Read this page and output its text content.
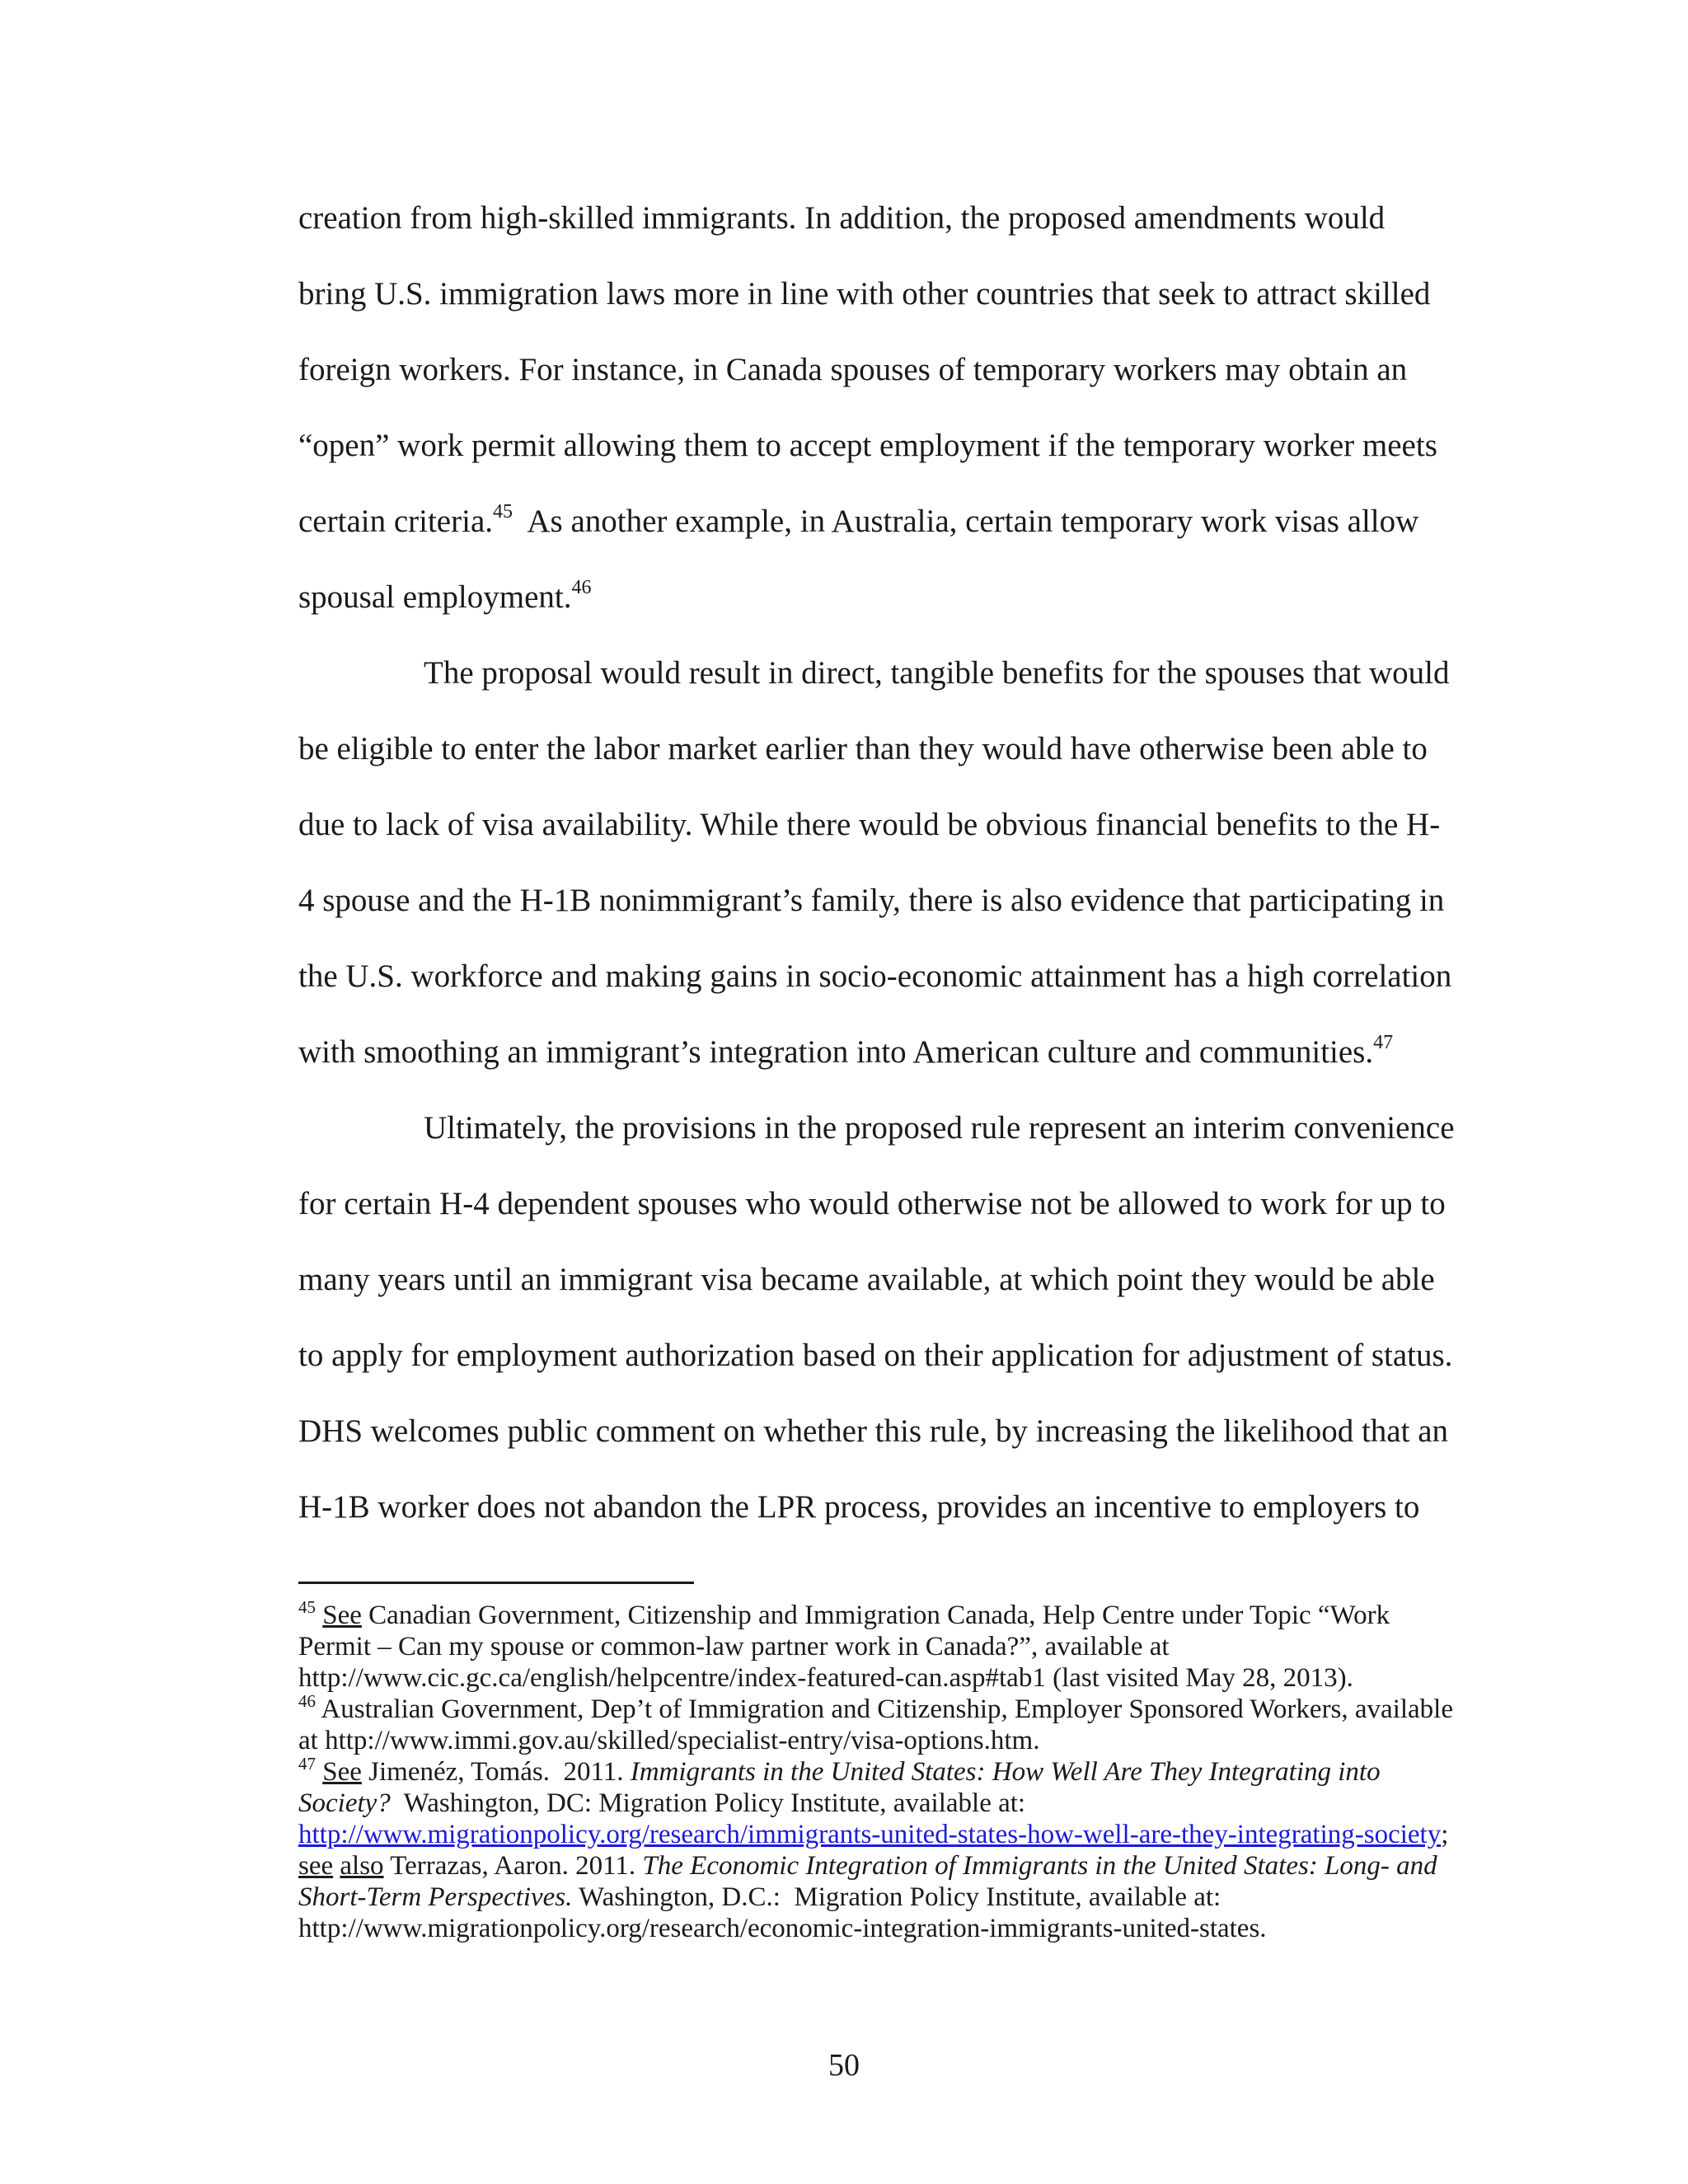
creation from high-skilled immigrants. In addition, the proposed amendments would
bring U.S. immigration laws more in line with other countries that seek to attract skilled
foreign workers. For instance, in Canada spouses of temporary workers may obtain an
“open” work permit allowing them to accept employment if the temporary worker meets
certain criteria.$^{45}$  As another example, in Australia, certain temporary work visas allow
spousal employment.$^{46}$
The proposal would result in direct, tangible benefits for the spouses that would
be eligible to enter the labor market earlier than they would have otherwise been able to
due to lack of visa availability. While there would be obvious financial benefits to the H-
4 spouse and the H-1B nonimmigrant’s family, there is also evidence that participating in
the U.S. workforce and making gains in socio-economic attainment has a high correlation
with smoothing an immigrant’s integration into American culture and communities.$^{47}$
Ultimately, the provisions in the proposed rule represent an interim convenience
for certain H-4 dependent spouses who would otherwise not be allowed to work for up to
many years until an immigrant visa became available, at which point they would be able
to apply for employment authorization based on their application for adjustment of status.
DHS welcomes public comment on whether this rule, by increasing the likelihood that an
H-1B worker does not abandon the LPR process, provides an incentive to employers to
$^{45}$ See Canadian Government, Citizenship and Immigration Canada, Help Centre under Topic “Work
Permit – Can my spouse or common-law partner work in Canada?”, available at
http://www.cic.gc.ca/english/helpcentre/index-featured-can.asp#tab1 (last visited May 28, 2013).
$^{46}$ Australian Government, Dep’t of Immigration and Citizenship, Employer Sponsored Workers, available
at http://www.immi.gov.au/skilled/specialist-entry/visa-options.htm.
$^{47}$ See Jimenéz, Tomás.  2011. Immigrants in the United States: How Well Are They Integrating into
Society?  Washington, DC: Migration Policy Institute, available at:
http://www.migrationpolicy.org/research/immigrants-united-states-how-well-are-they-integrating-society;
see also Terrazas, Aaron. 2011. The Economic Integration of Immigrants in the United States: Long- and
Short-Term Perspectives. Washington, D.C.:  Migration Policy Institute, available at:
http://www.migrationpolicy.org/research/economic-integration-immigrants-united-states.
50
